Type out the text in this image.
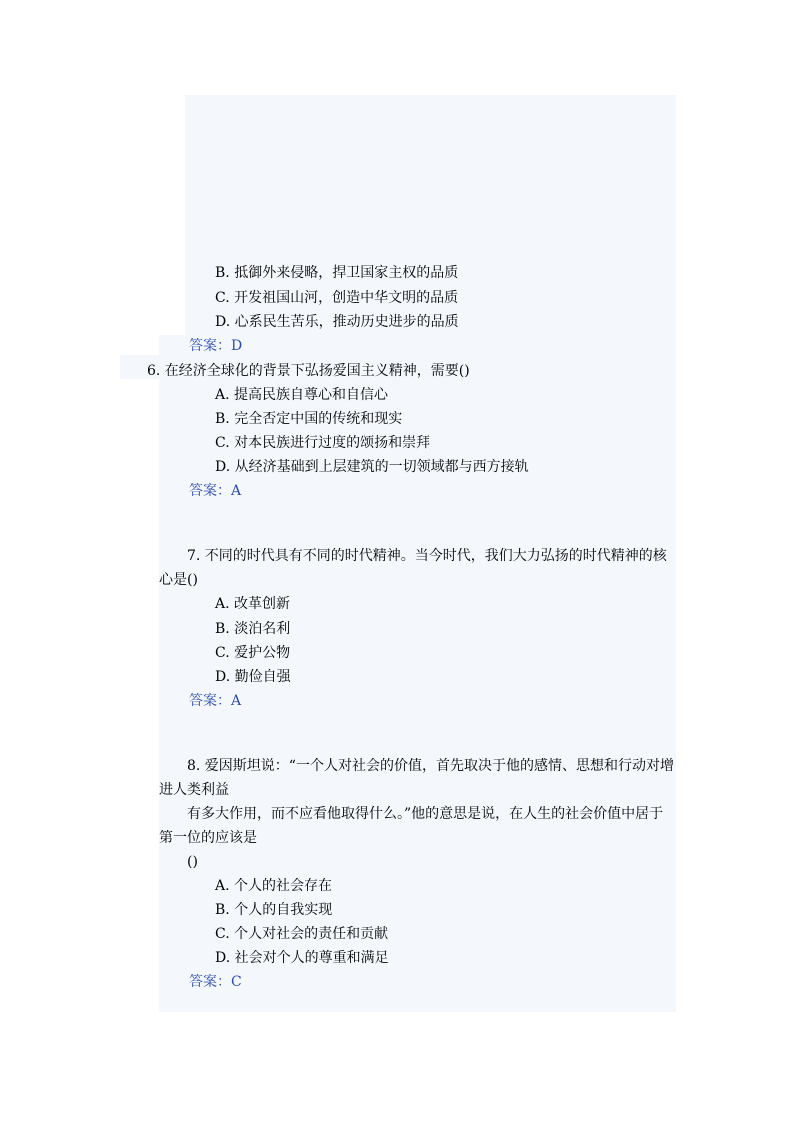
B. 抵御外来侵略，捍卫国家主权的品质
C. 开发祖国山河，创造中华文明的品质
D. 心系民生苦乐，推动历史进步的品质
答案：D
6. 在经济全球化的背景下弘扬爱国主义精神，需要()
A. 提高民族自尊心和自信心
B. 完全否定中国的传统和现实
C. 对本民族进行过度的颂扬和崇拜
D. 从经济基础到上层建筑的一切领域都与西方接轨
答案：A
7. 不同的时代具有不同的时代精神。当今时代，我们大力弘扬的时代精神的核
心是()
A. 改革创新
B. 淡泊名利
C. 爱护公物
D. 勤俭自强
答案：A
8. 爱因斯坦说：“一个人对社会的价值，首先取决于他的感情、思想和行动对增
进人类利益
有多大作用，而不应看他取得什么。”他的意思是说，在人生的社会价值中居于
第一位的应该是
()
A. 个人的社会存在
B. 个人的自我实现
C. 个人对社会的责任和贡献
D. 社会对个人的尊重和满足
答案：C
